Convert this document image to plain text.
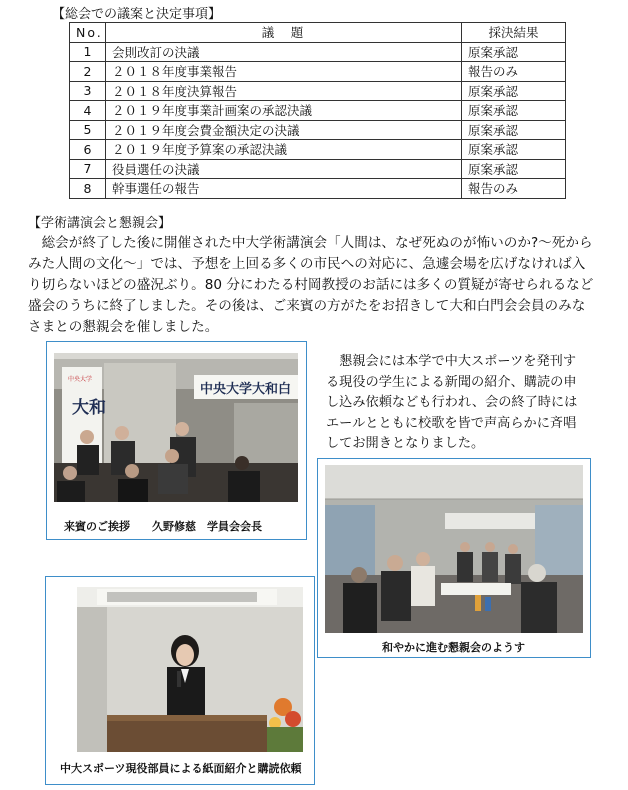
【総会での議案と決定事項】
No.	議　題	採決結果
1	会則改訂の決議	原案承認
2	２０１８年度事業報告	報告のみ
3	２０１８年度決算報告	原案承認
4	２０１９年度事業計画案の承認決議	原案承認
5	２０１９年度会費金額決定の決議	原案承認
6	２０１９年度予算案の承認決議	原案承認
7	役員選任の決議	原案承認
8	幹事選任の報告	報告のみ
【学術講演会と懇親会】

総会が終了した後に開催された中大学術講演会「人間は、なぜ死ぬのが怖いのか?～死からみた人間の文化～」では、予想を上回る多くの市民への対応に、急遽会場を広げなければ入り切らないほどの盛況ぶり。80 分にわたる村岡教授のお話には多くの質疑が寄せられるなど盛会のうちに終了しました。その後は、ご来賓の方がたをお招きして大和白門会会員のみなさまとの懇親会を催しました。

中央大学
大和
中央大学大和白
来賓のご挨拶　　久野修慈　学員会会長

懇親会には本学で中大スポーツを発刊する現役の学生による新聞の紹介、購読の申し込み依頼なども行われ、会の終了時にはエールとともに校歌を皆で声高らかに斉唱してお開きとなりました。

和やかに進む懇親会のようす
中大スポーツ現役部員による紙面紹介と購読依頼
